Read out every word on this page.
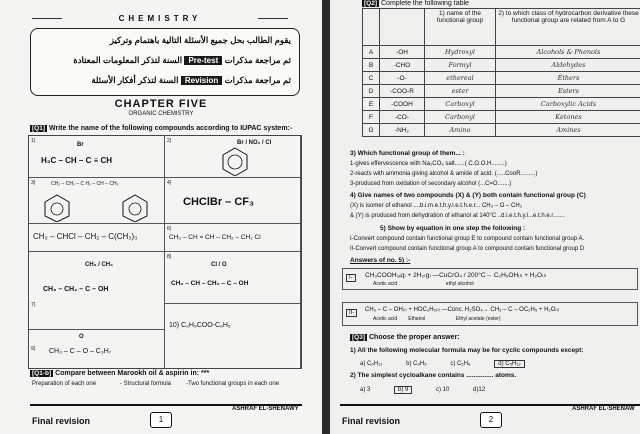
CHEMISTRY
يقوم الطالب بحل جميع الأسئلة التالية باهتمام وتركيز
ثم مراجعة مذكرات Pre-test السنة لتذكر المعلومات المعتادة
ثم مراجعة مذكرات Revision السنة لتذكر أفكار الأسئلة
CHAPTER FIVE
ORGANIC CHEMISTRY
[Q1] Write the name of the following compounds according to IUPAC system:-
1)
Br
H₃C – CH – C ≡ CH
2)	Br / NO₂ / Cl
3)	CH₂ – CH₂ – C H₂ – CH – CH₃	4)
CHClBr – CF₃
CH₃ – CHCl – CH₂ – C(CH₃)₃
6)
CH₃ – CH = CH – CH₂ – CH₂ Cl
7)
CH₃ / CH₃
CH₃ – CH₂ – C – OH
8)
Cl / O
CH₃ – CH – CH₂ – C – OH
9)
O
CH₃ – C – O – C₃H₇
10) C₂H₅COO-C₆H₅
[Q1-b] Compare between Marookh oil & aspirin in: ***
Preparation of each one	- Structural formula -Two functional groups in each one
Final revision	1
ASHRAF EL-SHENAWY
[Q2] Complete the following table
		1) name of the functional group	2) to which class of hydrocarbon derivative these functional group are related from A to G
A	-OH	Hydroxyl	Alcohols & Phenols
B	-CHO	Formyl	Aldehydes
C	-O-	ethereal	Ethers
D	-COO-R	ester	Esters
E	-COOH	Carboxyl	Carboxylic Acids
F	-CO-	Carbonyl	Ketones
G	-NH₂	Amino	Amines
3) Which functional group of them... :
1-gives effervescence with Na₂CO₃ salt......( C.O.O.H........)
2-reacts with ammonia giving alcohol & amide of acid. (.....CooR.........)
3-produced from oxidation of secondary alcohol (...C=O.......)
4) Give names of two compounds (X) & (Y) both contain functional group (C)
(X) is isomer of ethanol ....b.i.m.e.t.h.y.l.e.t.h.e.r... CH₃ – O – CH₃
& (Y) is produced from dehydration of ethanol at 140°C ..d.i.e.t.h.y.l...e.t.h.e.r.......
5) Show by equation in one step the following :
I-Convert compound contain functional group E to compound contain functional group A.
II-Convert compound contain functional group A to compound contain functional group D
Answers of no. 5) :-
I-	CH₃COOH₍ₐq₎ + 2H₂₍g₎ —CuCrO₄ / 200°C→ C₂H₅OH₍ₗ₎ + H₂O₍ₗ₎
Acetic acid                                   ethyl alcohol
II-	CH₃ – C – OH₍ₗ₎ + HOC₂H₅₍ₗ₎ —Conc. H₂SO₄→ CH₃ – C – OC₂H₅ + H₂O₍ₗ₎
Acetic acid        Ethanol                      Ethyl acetate (ester)
[Q3] Choose the proper answer:
1) All the following molecular formula may be for cyclic compounds except:
a) C₆H₁₂	b) C₆H₆	c) C₅H₈	d) C₅H₁₂
2) The simplest cycloalkane contains ............... atoms.
a) 3	b) 9	c) 10	d)12
Final revision	2
ASHRAF EL-SHENAW
